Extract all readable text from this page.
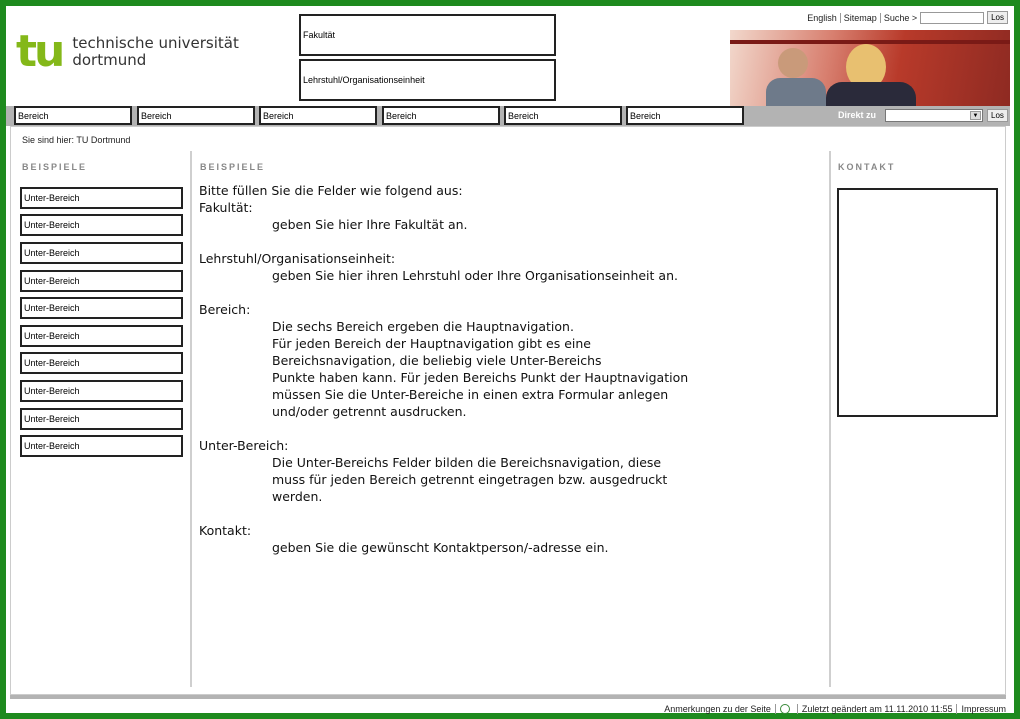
tu technische universität
dortmund
Fakultät
Lehrstuhl/Organisationseinheit
English Sitemap Suche >	Los
Bereich	Bereich	Bereich	Bereich	Bereich	Bereich	Direkt zu	▼	Los
Sie sind hier: TU Dortmund
BEISPIELE
Unter-Bereich
Unter-Bereich
Unter-Bereich
Unter-Bereich
Unter-Bereich
Unter-Bereich
Unter-Bereich
Unter-Bereich
Unter-Bereich
Unter-Bereich
BEISPIELE
Bitte füllen Sie die Felder wie folgend aus:
Fakultät:
geben Sie hier Ihre Fakultät an.
Lehrstuhl/Organisationseinheit:
geben Sie hier ihren Lehrstuhl oder Ihre Organisationseinheit an.
Bereich:
Die sechs Bereich ergeben die Hauptnavigation.
Für jeden Bereich der Hauptnavigation gibt es eine
Bereichsnavigation, die beliebig viele Unter-Bereichs
Punkte haben kann. Für jeden Bereichs Punkt der Hauptnavigation
müssen Sie die Unter-Bereiche in einen extra Formular anlegen
und/oder getrennt ausdrucken.
Unter-Bereich:
Die Unter-Bereichs Felder bilden die Bereichsnavigation, diese
muss für jeden Bereich getrennt eingetragen bzw. ausgedruckt
werden.
Kontakt:
geben Sie die gewünscht Kontaktperson/-adresse ein.
KONTAKT
Anmerkungen zu der Seite	Zuletzt geändert am 11.11.2010 11:55 Impressum
